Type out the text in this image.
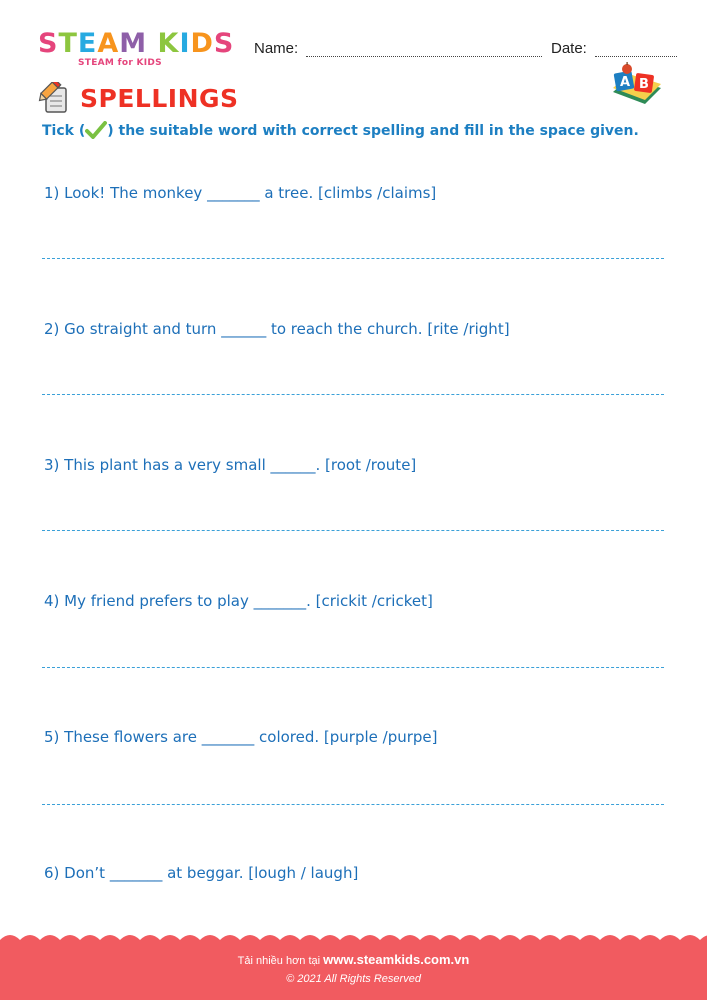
STEAM KIDS
STEAM for KIDS
Name:	Date:
SPELLINGS
A B
Tick ( ) the suitable word with correct spelling and fill in the space given.
1) Look! The monkey _______ a tree. [climbs /claims]
2) Go straight and turn ______ to reach the church. [rite /right]
3) This plant has a very small ______. [root /route]
4) My friend prefers to play _______. [crickit /cricket]
5) These flowers are _______ colored. [purple /purpe]
6) Don’t _______ at beggar. [lough / laugh]
Tải nhiều hơn tại www.steamkids.com.vn
© 2021 All Rights Reserved
